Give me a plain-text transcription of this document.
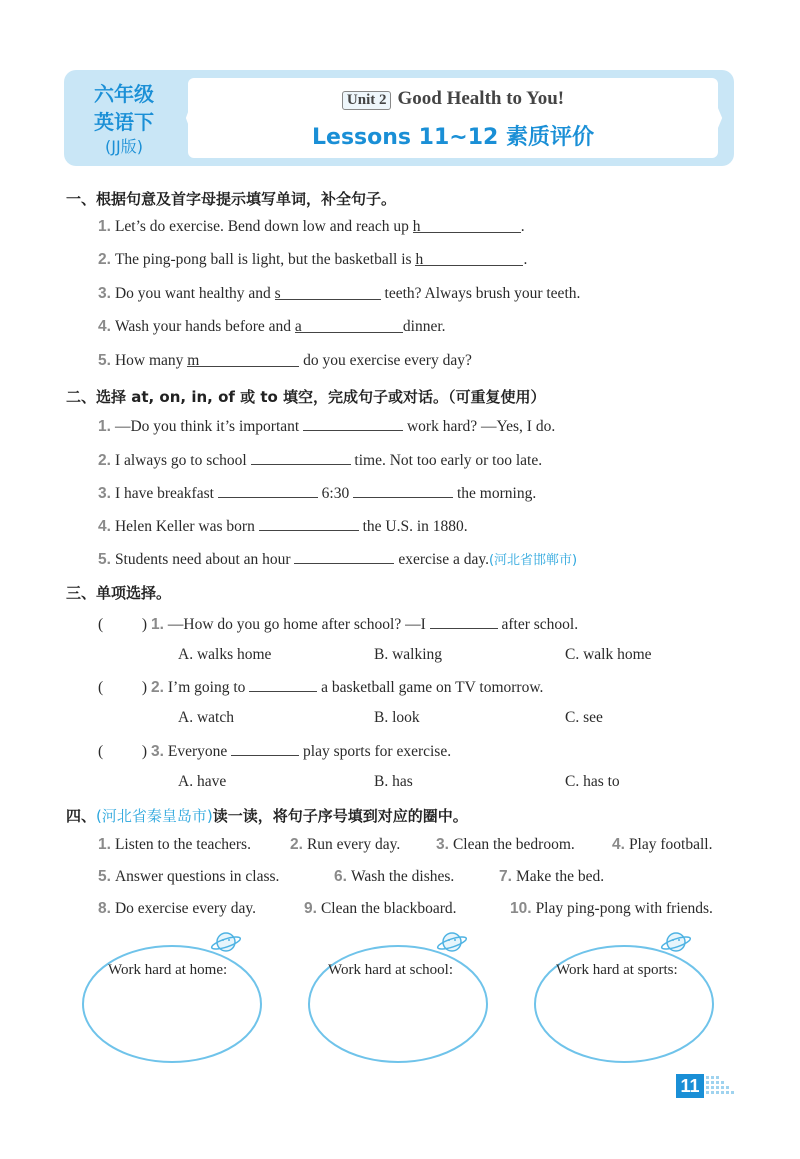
六年级
英语下
(JJ版)
Unit 2 Good Health to You!
Lessons 11~12 素质评价
一、根据句意及首字母提示填写单词，补全句子。
1. Let’s do exercise. Bend down low and reach up h	.
2. The ping-pong ball is light, but the basketball is h	.
3. Do you want healthy and s	teeth? Always brush your teeth.
4. Wash your hands before and a	dinner.
5. How many m	do you exercise every day?
二、选择 at, on, in, of 或 to 填空，完成句子或对话。（可重复使用）
1. —Do you think it’s important	work hard? —Yes, I do.
2. I always go to school	time. Not too early or too late.
3. I have breakfast	6:30	the morning.
4. Helen Keller was born	the U.S. in 1880.
5. Students need about an hour	exercise a day.(河北省邯郸市)
三、单项选择。
(          ) 1. —How do you go home after school? —I	after school.
A. walks home	B. walking	C. walk home
(          ) 2. I’m going to	a basketball game on TV tomorrow.
A. watch	B. look	C. see
(          ) 3. Everyone	play sports for exercise.
A. have	B. has	C. has to
四、(河北省秦皇岛市)读一读，将句子序号填到对应的圈中。
1. Listen to the teachers.	2. Run every day. 3. Clean the bedroom. 4. Play football.
5. Answer questions in class.	6. Wash the dishes.	7. Make the bed.
8. Do exercise every day.	9. Clean the blackboard.	10. Play ping-pong with friends.
Work hard at home:	Work hard at school:	Work hard at sports:
11
